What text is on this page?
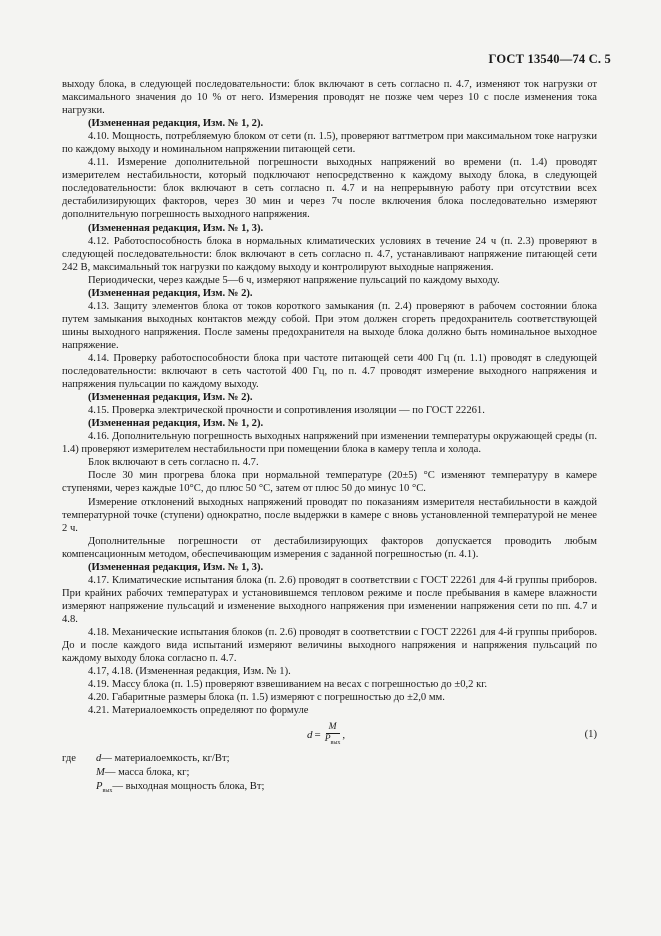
ГОСТ 13540—74 С. 5

выходу блока, в следующей последовательности: блок включают в сеть согласно п. 4.7, изменяют ток нагрузки от максимального значения до 10 % от него. Измерения проводят не позже чем через 10 с после изменения тока нагрузки.

(Измененная редакция, Изм. № 1, 2).

4.10. Мощность, потребляемую блоком от сети (п. 1.5), проверяют ваттметром при максимальном токе нагрузки по каждому выходу и номинальном напряжении питающей сети.

4.11. Измерение дополнительной погрешности выходных напряжений во времени (п. 1.4) проводят измерителем нестабильности, который подключают непосредственно к каждому выходу блока, в следующей последовательности: блок включают в сеть согласно п. 4.7 и на непрерывную работу при отсутствии всех дестабилизирующих факторов, через 30 мин и через 7ч после включения блока последовательно измеряют дополнительную погрешность выходного напряжения.

(Измененная редакция, Изм. № 1, 3).

4.12. Работоспособность блока в нормальных климатических условиях в течение 24 ч (п. 2.3) проверяют в следующей последовательности: блок включают в сеть согласно п. 4.7, устанавливают напряжение питающей сети 242 В, максимальный ток нагрузки по каждому выходу и контролируют выходные напряжения.

Периодически, через каждые 5—6 ч, измеряют напряжение пульсаций по каждому выходу.

(Измененная редакция, Изм. № 2).

4.13. Защиту элементов блока от токов короткого замыкания (п. 2.4) проверяют в рабочем состоянии блока путем замыкания выходных контактов между собой. При этом должен сгореть предохранитель соответствующей шины выходного напряжения. После замены предохранителя на выходе блока должно быть номинальное выходное напряжение.

4.14. Проверку работоспособности блока при частоте питающей сети 400 Гц (п. 1.1) проводят в следующей последовательности: включают в сеть частотой 400 Гц, по п. 4.7 проводят измерение выходного напряжения и напряжения пульсации по каждому выходу.

(Измененная редакция, Изм. № 2).

4.15. Проверка электрической прочности и сопротивления изоляции — по ГОСТ 22261.

(Измененная редакция, Изм. № 1, 2).

4.16. Дополнительную погрешность выходных напряжений при изменении температуры окружающей среды (п. 1.4) проверяют измерителем нестабильности при помещении блока в камеру тепла и холода.

Блок включают в сеть согласно п. 4.7.

После 30 мин прогрева блока при нормальной температуре (20±5) °С изменяют температуру в камере ступенями, через каждые 10°С, до плюс 50 °С, затем от плюс 50 до минус 10 °С.

Измерение отклонений выходных напряжений проводят по показаниям измерителя нестабильности в каждой температурной точке (ступени) однократно, после выдержки в камере с вновь установленной температурой не менее 2 ч.

Дополнительные погрешности от дестабилизирующих факторов допускается проводить любым компенсационным методом, обеспечивающим измерения с заданной погрешностью (п. 4.1).

(Измененная редакция, Изм. № 1, 3).

4.17. Климатические испытания блока (п. 2.6) проводят в соответствии с ГОСТ 22261 для 4-й группы приборов. При крайних рабочих температурах и установившемся тепловом режиме и после пребывания в камере влажности измеряют напряжение пульсаций и изменение выходного напряжения при изменении напряжения сети по пп. 4.7 и 4.8.

4.18. Механические испытания блоков (п. 2.6) проводят в соответствии с ГОСТ 22261 для 4-й группы приборов. До и после каждого вида испытаний измеряют величины выходного напряжения и напряжения пульсаций по каждому выходу блока согласно п. 4.7.

4.17, 4.18. (Измененная редакция, Изм. № 1).

4.19. Массу блока (п. 1.5) проверяют взвешиванием на весах с погрешностью до ±0,2 кг.

4.20. Габаритные размеры блока (п. 1.5) измеряют с погрешностью до ±2,0 мм.

4.21. Материалоемкость определяют по формуле

$d = \frac{M}{P_{вых}}$ ,	(1)
где	d — материалоемкость, кг/Вт;
M — масса блока, кг;
$P_{вых}$ — выходная мощность блока, Вт;
